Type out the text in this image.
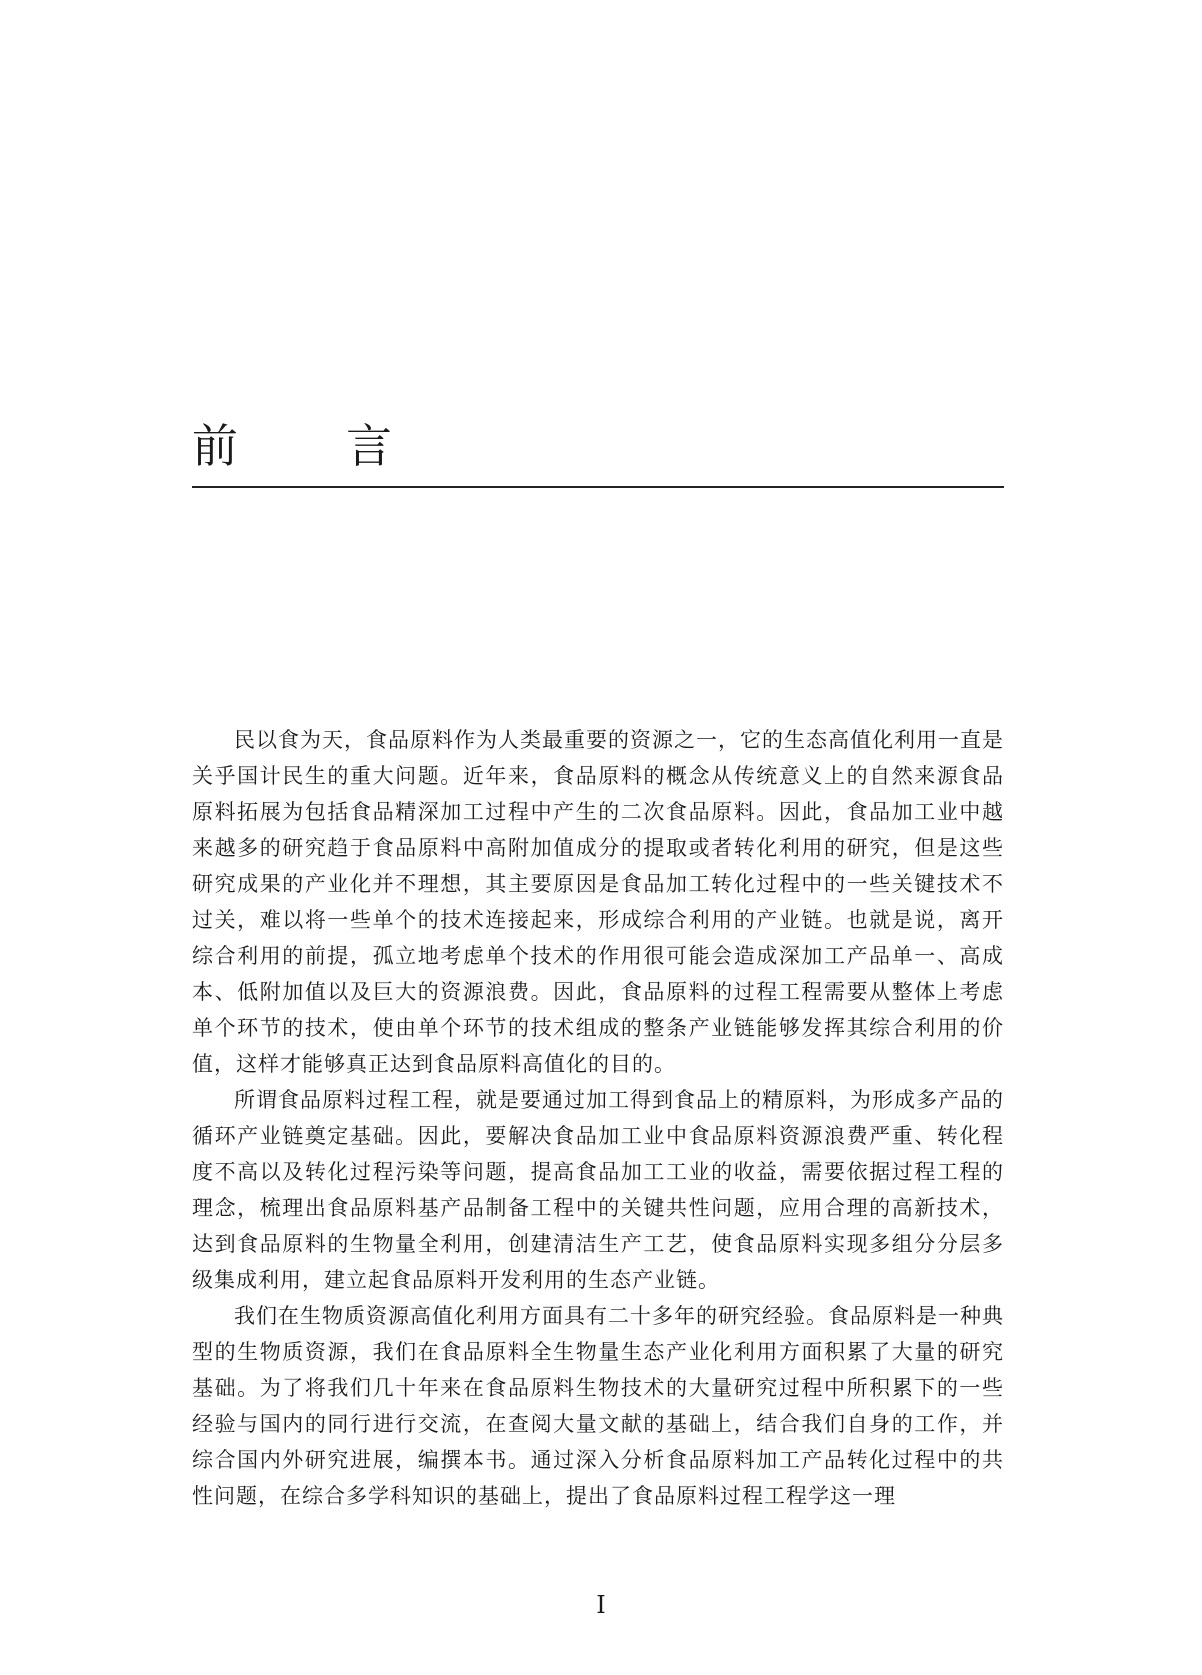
前言

民以食为天，食品原料作为人类最重要的资源之一，它的生态高值化利用一直是关乎国计民生的重大问题。近年来，食品原料的概念从传统意义上的自然来源食品原料拓展为包括食品精深加工过程中产生的二次食品原料。因此，食品加工业中越来越多的研究趋于食品原料中高附加值成分的提取或者转化利用的研究，但是这些研究成果的产业化并不理想，其主要原因是食品加工转化过程中的一些关键技术不过关，难以将一些单个的技术连接起来，形成综合利用的产业链。也就是说，离开综合利用的前提，孤立地考虑单个技术的作用很可能会造成深加工产品单一、高成本、低附加值以及巨大的资源浪费。因此，食品原料的过程工程需要从整体上考虑单个环节的技术，使由单个环节的技术组成的整条产业链能够发挥其综合利用的价值，这样才能够真正达到食品原料高值化的目的。

所谓食品原料过程工程，就是要通过加工得到食品上的精原料，为形成多产品的循环产业链奠定基础。因此，要解决食品加工业中食品原料资源浪费严重、转化程度不高以及转化过程污染等问题，提高食品加工工业的收益，需要依据过程工程的理念，梳理出食品原料基产品制备工程中的关键共性问题，应用合理的高新技术，达到食品原料的生物量全利用，创建清洁生产工艺，使食品原料实现多组分分层多级集成利用，建立起食品原料开发利用的生态产业链。

我们在生物质资源高值化利用方面具有二十多年的研究经验。食品原料是一种典型的生物质资源，我们在食品原料全生物量生态产业化利用方面积累了大量的研究基础。为了将我们几十年来在食品原料生物技术的大量研究过程中所积累下的一些经验与国内的同行进行交流，在查阅大量文献的基础上，结合我们自身的工作，并综合国内外研究进展，编撰本书。通过深入分析食品原料加工产品转化过程中的共性问题，在综合多学科知识的基础上，提出了食品原料过程工程学这一理

I
